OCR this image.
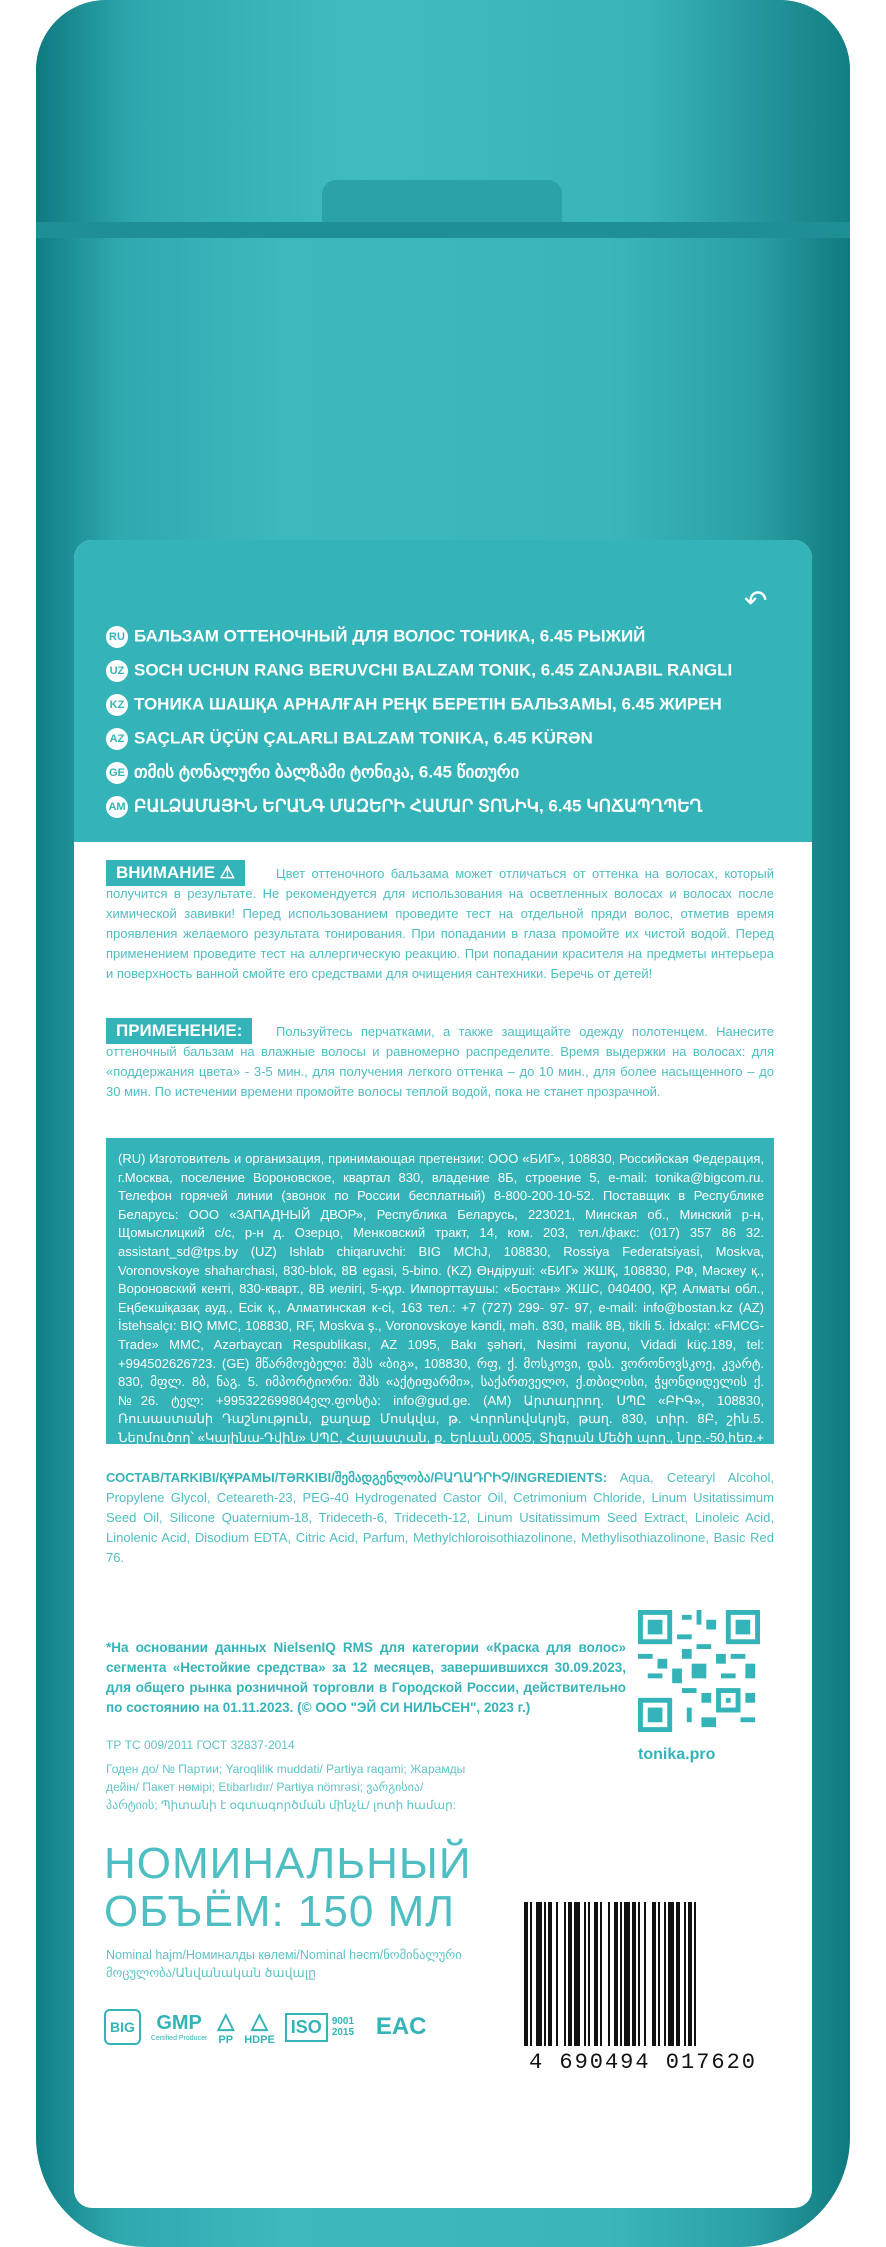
↶
RU БАЛЬЗАМ ОТТЕНОЧНЫЙ ДЛЯ ВОЛОС ТОНИКА, 6.45 РЫЖИЙ
UZ SOCH UCHUN RANG BERUVCHI BALZAM TONIK, 6.45 ZANJABIL RANGLI
KZ ТОНИКА ШАШҚА АРНАЛҒАН РЕҢК БЕРЕТІН БАЛЬЗАМЫ, 6.45 ЖИРЕН
AZ SAÇLAR ÜÇÜN ÇALARLI BALZAM TONIKA, 6.45 KÜRƏN
GE თმის ტონალური ბალზამი ტონიკა, 6.45 წითური
AM ԲԱԼՁԱՄԱՅԻՆ ԵՐԱՆԳ ՄԱԶԵՐԻ ՀԱՄԱՐ ՏՈՆԻԿ, 6.45 ԿՈՃԱՊՂՊԵՂ
ВНИМАНИЕ ⚠	Цвет оттеночного бальзама может отличаться от оттенка на волосах, который получится в результате. Не рекомендуется для использования на осветленных волосах и волосах после химической завивки! Перед использованием проведите тест на отдельной пряди волос, отметив время проявления желаемого результата тонирования. При попадании в глаза промойте их чистой водой. Перед применением проведите тест на аллергическую реакцию. При попадании красителя на предметы интерьера и поверхность ванной смойте его средствами для очищения сантехники. Беречь от детей!
ПРИМЕНЕНИЕ:	Пользуйтесь перчатками, а также защищайте одежду полотенцем. Нанесите оттеночный бальзам на влажные волосы и равномерно распределите. Время выдержки на волосах: для «поддержания цвета» - 3-5 мин., для получения легкого оттенка – до 10 мин., для более насыщенного – до 30 мин. По истечении времени промойте волосы теплой водой, пока не станет прозрачной.
(RU) Изготовитель и организация, принимающая претензии: ООО «БИГ», 108830, Российская Федерация, г.Москва, поселение Вороновское, квартал 830, владение 8Б, строение 5, e-mail: tonika@bigcom.ru. Телефон горячей линии (звонок по России бесплатный) 8-800-200-10-52. Поставщик в Республике Беларусь: ООО «ЗАПАДНЫЙ ДВОР», Республика Беларусь, 223021, Минская об., Минский р-н, Щомыслицкий с/с, р-н д. Озерцо, Менковский тракт, 14, ком. 203, тел./факс: (017) 357 86 32. assistant_sd@tps.by (UZ) Ishlab chiqaruvchi: BIG MChJ, 108830, Rossiya Federatsiyasi, Moskva, Voronovskoye shaharchasi, 830-blok, 8B egasi, 5-bino. (KZ) Өндіруші: «БИГ» ЖШҚ, 108830, РФ, Мәскеу қ., Вороновский кенті, 830-кварт., 8В иелігі, 5-құр. Импорттаушы: «Бостан» ЖШС, 040400, ҚР, Алматы обл., Еңбекшіқазақ ауд., Есік қ., Алматинская к-сі, 163 тел.: +7 (727) 299- 97- 97, e-mail: info@bostan.kz (AZ) İstehsalçı: BIQ MMC, 108830, RF, Moskva ş., Voronovskoye kəndi, məh. 830, malik 8B, tikili 5. İdxalçı: «FMCG-Trade» MMC, Azərbaycan Respublikası, AZ 1095, Bakı şəhəri, Nəsimi rayonu, Vidadi küç.189, tel: +994502626723. (GE) მწარმოებელი: შპს «ბიგ», 108830, რფ, ქ. მოსკოვი, დას. ვორონოვსკოე, კვარტ. 830, მფლ. 8ბ, ნაგ. 5. იმპორტიორი: შპს «აქტიფარმი», საქართველო, ქ.თბილისი, ჭყონდიდელის ქ. №26. ტელ: +995322699804ელ.ფოსტა: info@gud.ge. (AM) Արտադրող. ՍՊԸ «ԲԻԳ», 108830, Ռուսաստանի Դաշնություն, քաղաք Մոսկվա, թ. Վորոնովսկոյե, թաղ. 830, տիր. 8Բ, շին.5. Ներմուծող՝ «Կալինա-Դվին» ՍՊԸ, Հայաստան, ք. Երևան,0005, Տիգրան Մեծի պող., նրբ.-50,հեռ.+(374)10-55-70-76, e-mail: kalina.dvin@mail.ru.
СОСТАВ/TARKIBI/ҚҰРАМЫ/TƏRKIBI/შემადგენლობა/ԲԱՂԱԴՐԻՉ/INGREDIENTS: Aqua, Cetearyl Alcohol, Propylene Glycol, Ceteareth-23, PEG-40 Hydrogenated Castor Oil, Cetrimonium Chloride, Linum Usitatissimum Seed Oil, Silicone Quaternium-18, Trideceth-6, Trideceth-12, Linum Usitatissimum Seed Extract, Linoleic Acid, Linolenic Acid, Disodium EDTA, Citric Acid, Parfum, Methylchloroisothiazolinone, Methylisothiazolinone, Basic Red 76.
*На основании данных NielsenIQ RMS для категории «Краска для волос» сегмента «Нестойкие средства» за 12 месяцев, завершившихся 30.09.2023, для общего рынка розничной торговли в Городской России, действительно по состоянию на 01.11.2023. (© ООО "ЭЙ СИ НИЛЬСЕН", 2023 г.)
tonika.pro
ТР ТС 009/2011 ГОСТ 32837-2014
Годен до/ № Партии; Yaroqlilik muddati/ Partiya raqami; Жарамды дейін/ Пакет нөмірі; Etibarlıdır/ Partiya nömrəsi; ვარგისია/ პარტიის; Պիտանի է օգտագործման մինչև/ լոտի համար:
НОМИНАЛЬНЫЙ ОБЪЁМ: 150 МЛ
Nominal hajm/Номиналды көлемі/Nominal həcm/ნომინალური მოცულობა/Անվանական ծավալը
BIG GMP
Certified Producer
△
PP
△
HDPE
ISO	9001 2015 EAC
4 690494 017620
